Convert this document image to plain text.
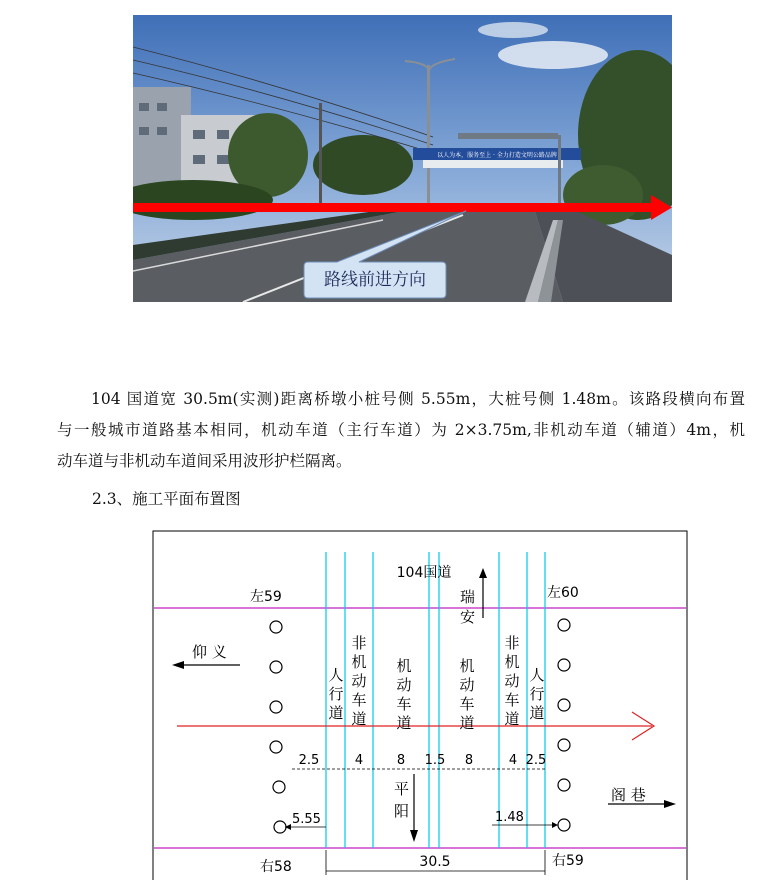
以人为本，服务至上 · 全力打造文明公路品牌
路线前进方向

104 国道宽 30.5m(实测)距离桥墩小桩号侧 5.55m，大桩号侧 1.48m。该路段横向布置

与一般城市道路基本相同，机动车道（主行车道）为 2×3.75m,非机动车道（辅道）4m，机

动车道与非机动车道间采用波形护栏隔离。

2.3、施工平面布置图
104国道
瑞
安
左59	左60
右58	右59
仰 义
阁 巷
人行道
非机动车道
机动车道
机动车道
非机动车道
人行道
2.5	4	8 1.5 8	4 2.5
平
阳
5.55	1.48
30.5
